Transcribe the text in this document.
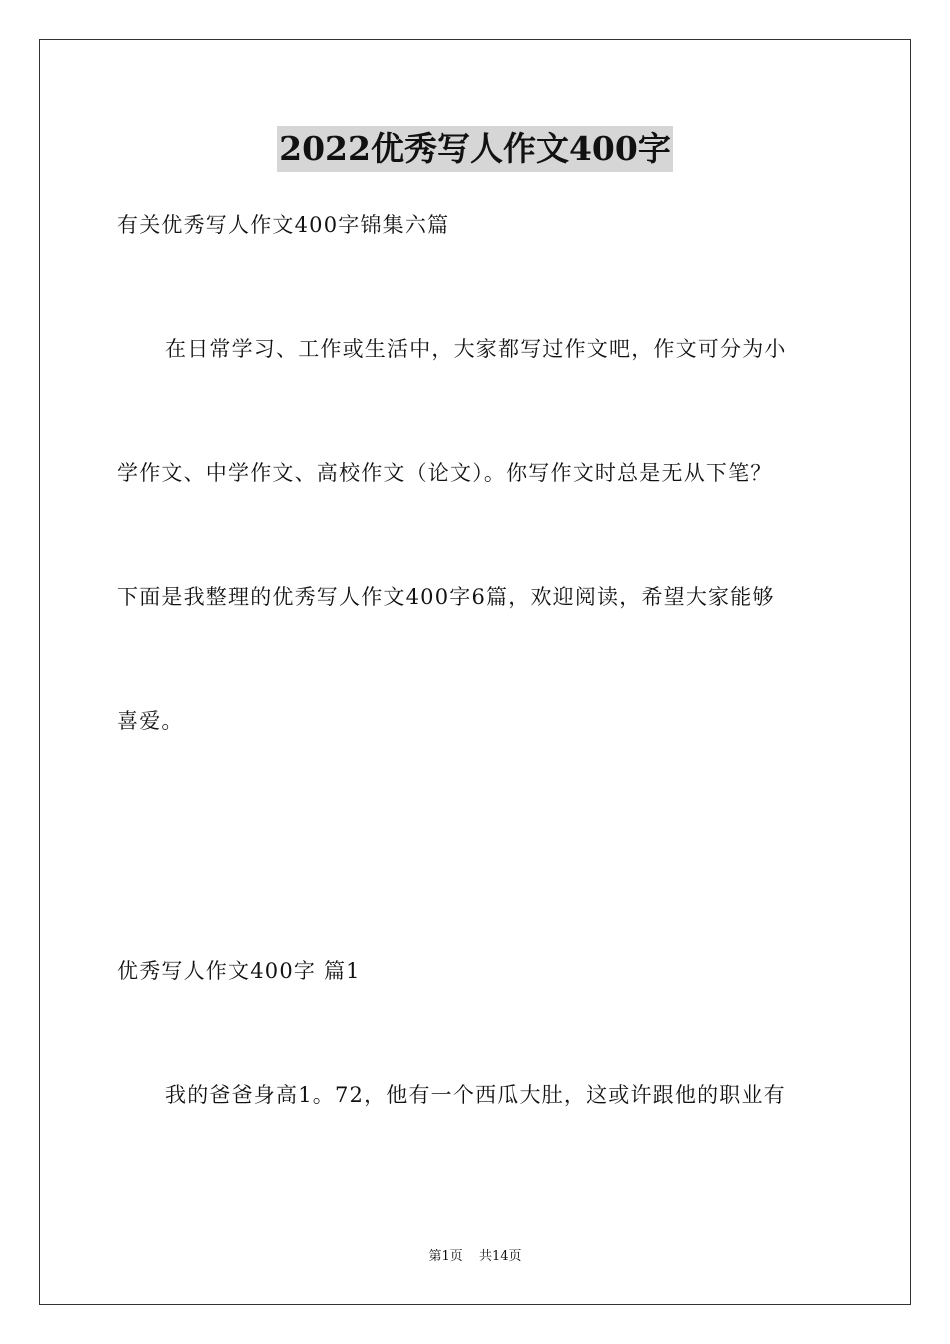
2022优秀写人作文400字
有关优秀写人作文400字锦集六篇
在日常学习、工作或生活中，大家都写过作文吧，作文可分为小
学作文、中学作文、高校作文（论文）。你写作文时总是无从下笔？
下面是我整理的优秀写人作文400字6篇，欢迎阅读，希望大家能够
喜爱。
优秀写人作文400字 篇1
我的爸爸身高1。72，他有一个西瓜大肚，这或许跟他的职业有
第1页 共14页
